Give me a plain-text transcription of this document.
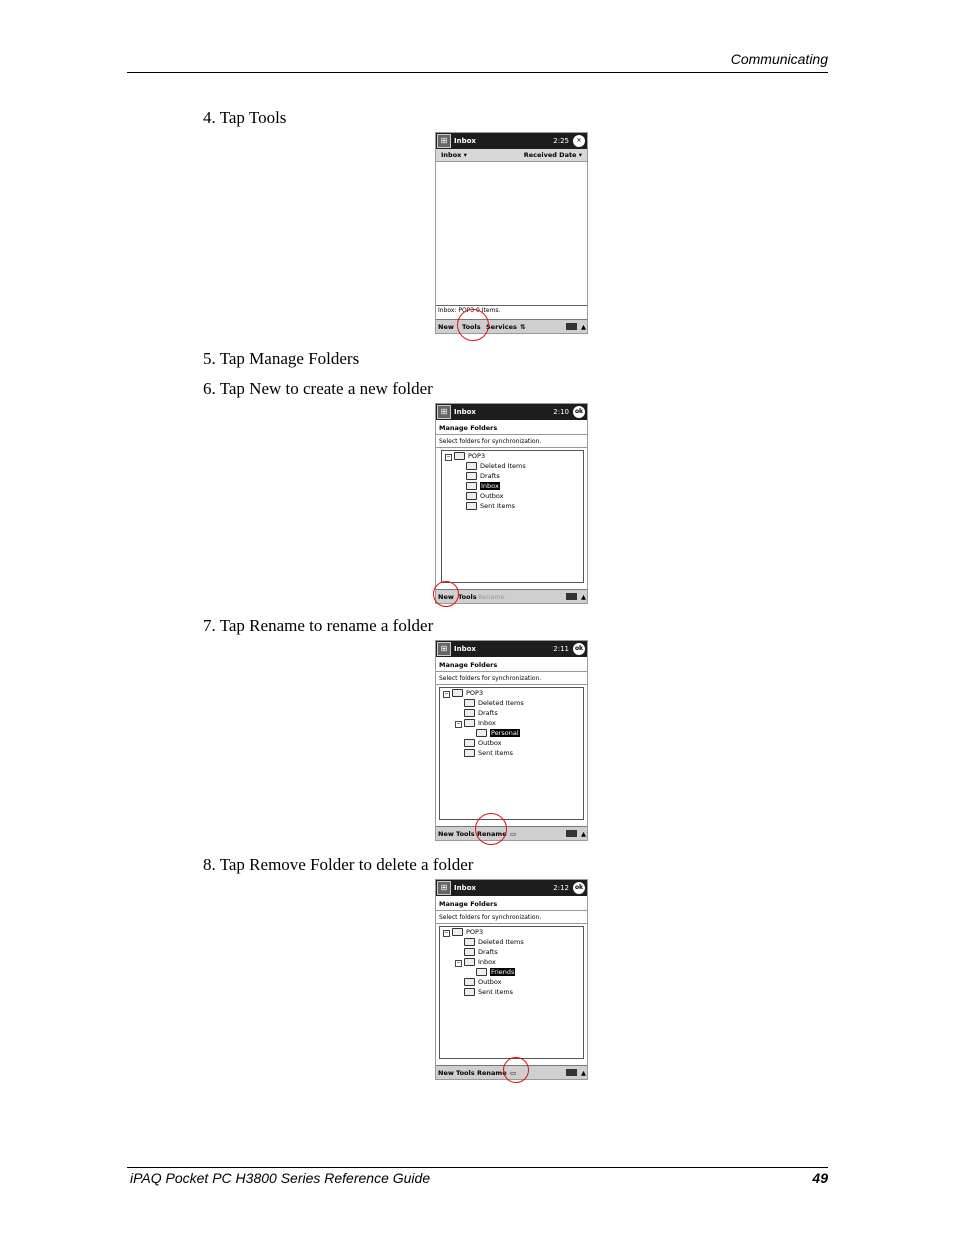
Communicating
4. Tap Tools
⊞ Inbox	2:25	✕
Inbox ▾	Received Date ▾
Inbox: POP3 0 Items.
New Tools Services ⇅	▲
5. Tap Manage Folders
6. Tap New to create a new folder
⊞ Inbox	2:10 ok
Manage Folders
Select folders for synchronization.
−	POP3
Deleted Items
Drafts
Inbox
Outbox
Sent Items
New Tools Rename	▲
7. Tap Rename to rename a folder
⊞ Inbox	2:11 ok
Manage Folders
Select folders for synchronization.
−	POP3
Deleted Items
Drafts
−	Inbox
Personal
Outbox
Sent Items
New Tools Rename ▭	▲
8. Tap Remove Folder to delete a folder
⊞ Inbox	2:12 ok
Manage Folders
Select folders for synchronization.
−	POP3
Deleted Items
Drafts
−	Inbox
Friends
Outbox
Sent Items
New Tools Rename ▭	▲
iPAQ Pocket PC H3800 Series Reference Guide	49
